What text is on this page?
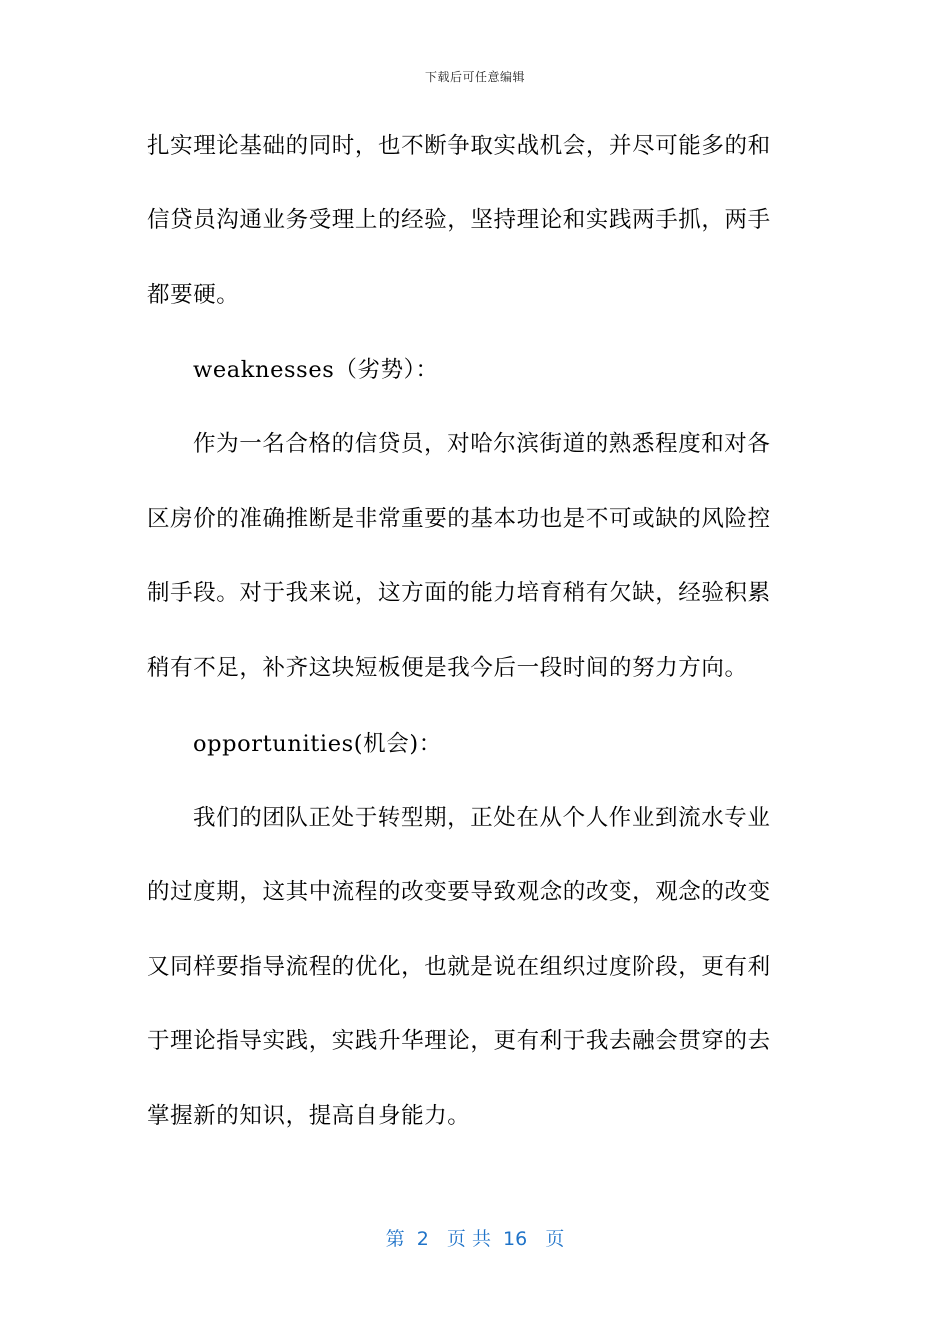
下载后可任意编辑
扎实理论基础的同时，也不断争取实战机会，并尽可能多的和
信贷员沟通业务受理上的经验，坚持理论和实践两手抓，两手
都要硬。
weaknesses（劣势）：
作为一名合格的信贷员，对哈尔滨街道的熟悉程度和对各
区房价的准确推断是非常重要的基本功也是不可或缺的风险控
制手段。对于我来说，这方面的能力培育稍有欠缺，经验积累
稍有不足，补齐这块短板便是我今后一段时间的努力方向。
opportunities(机会)：
我们的团队正处于转型期，正处在从个人作业到流水专业
的过度期，这其中流程的改变要导致观念的改变，观念的改变
又同样要指导流程的优化，也就是说在组织过度阶段，更有利
于理论指导实践，实践升华理论，更有利于我去融会贯穿的去
掌握新的知识，提高自身能力。
第  2   页 共  16   页
